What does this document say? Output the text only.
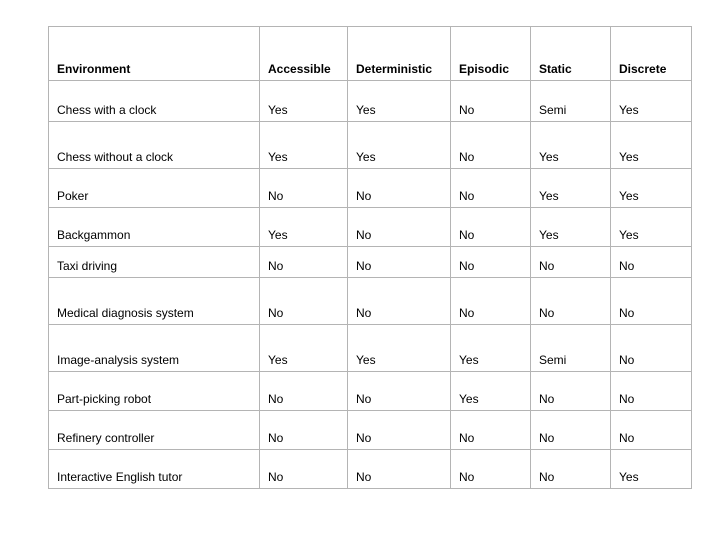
Environment	Accessible	Deterministic	Episodic	Static	Discrete
Chess with a clock	Yes	Yes	No	Semi	Yes
Chess without a clock	Yes	Yes	No	Yes	Yes
Poker	No	No	No	Yes	Yes
Backgammon	Yes	No	No	Yes	Yes
Taxi driving	No	No	No	No	No
Medical diagnosis system	No	No	No	No	No
Image-analysis system	Yes	Yes	Yes	Semi	No
Part-picking robot	No	No	Yes	No	No
Refinery controller	No	No	No	No	No
Interactive English tutor	No	No	No	No	Yes
